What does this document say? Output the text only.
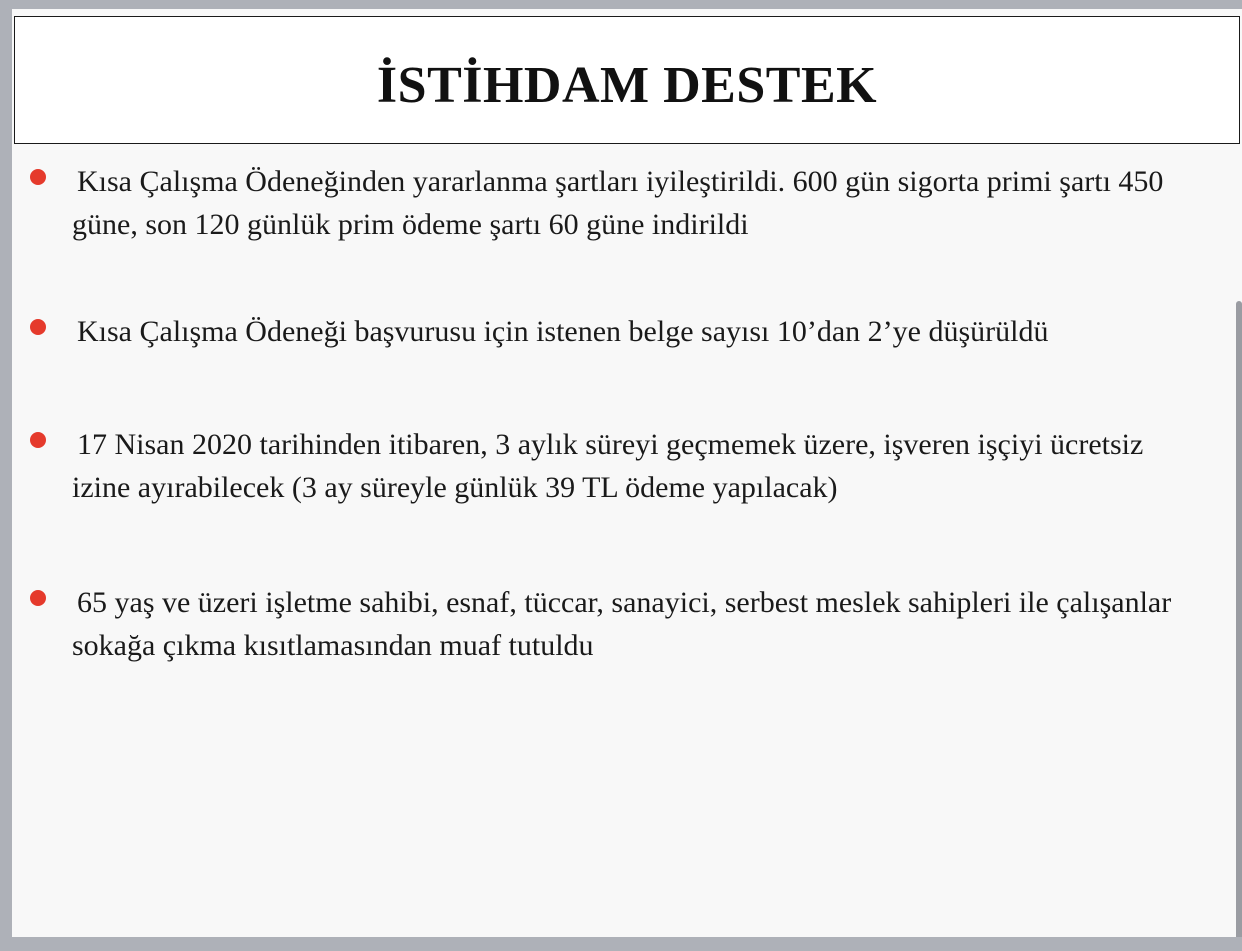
İSTİHDAM DESTEK
Kısa Çalışma Ödeneğinden yararlanma şartları iyileştirildi. 600 gün sigorta primi şartı 450 güne, son 120 günlük prim ödeme şartı 60 güne indirildi
Kısa Çalışma Ödeneği başvurusu için istenen belge sayısı 10’dan 2’ye düşürüldü
17 Nisan 2020 tarihinden itibaren, 3 aylık süreyi geçmemek üzere, işveren işçiyi ücretsiz izine ayırabilecek (3 ay süreyle günlük 39 TL ödeme yapılacak)
65 yaş ve üzeri işletme sahibi, esnaf, tüccar, sanayici, serbest meslek sahipleri ile çalışanlar sokağa çıkma kısıtlamasından muaf tutuldu
